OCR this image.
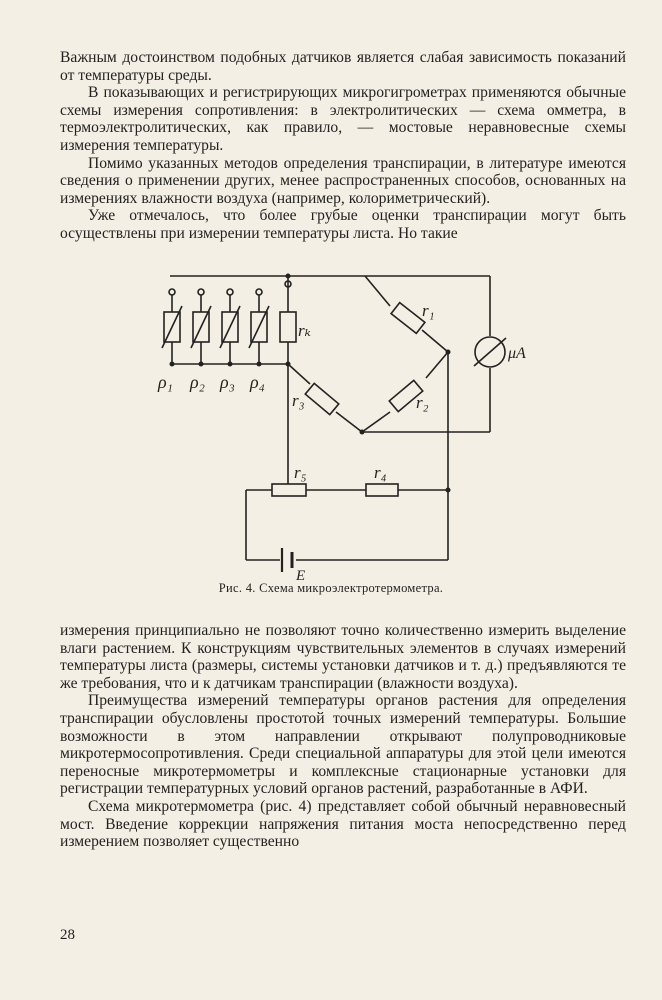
Важным достоинством подобных датчиков является слабая зависимость показаний от температуры среды.

В показывающих и регистрирующих микрогигрометрах применяются обычные схемы измерения сопротивления: в электролитических — схема омметра, в термоэлектролитических, как правило, — мостовые неравновесные схемы измерения температуры.

Помимо указанных методов определения транспирации, в литературе имеются сведения о применении других, менее распространенных способов, основанных на измерениях влажности воздуха (например, колориметрический).

Уже отмечалось, что более грубые оценки транспирации могут быть осуществлены при измерении температуры листа. Но такие

ρ₁ ρ₂ ρ₃ ρ₄
rₖ
r₁
r₂
r₃
r₄
r₅
μA
E
Рис. 4. Схема микроэлектротермометра.

измерения принципиально не позволяют точно количественно измерить выделение влаги растением. К конструкциям чувствительных элементов в случаях измерений температуры листа (размеры, системы установки датчиков и т. д.) предъявляются те же требования, что и к датчикам транспирации (влажности воздуха).

Преимущества измерений температуры органов растения для определения транспирации обусловлены простотой точных измерений температуры. Большие возможности в этом направлении открывают полупроводниковые микротермосопротивления. Среди специальной аппаратуры для этой цели имеются переносные микротермометры и комплексные стационарные установки для регистрации температурных условий органов растений, разработанные в АФИ.

Схема микротермометра (рис. 4) представляет собой обычный неравновесный мост. Введение коррекции напряжения питания моста непосредственно перед измерением позволяет существенно

28
